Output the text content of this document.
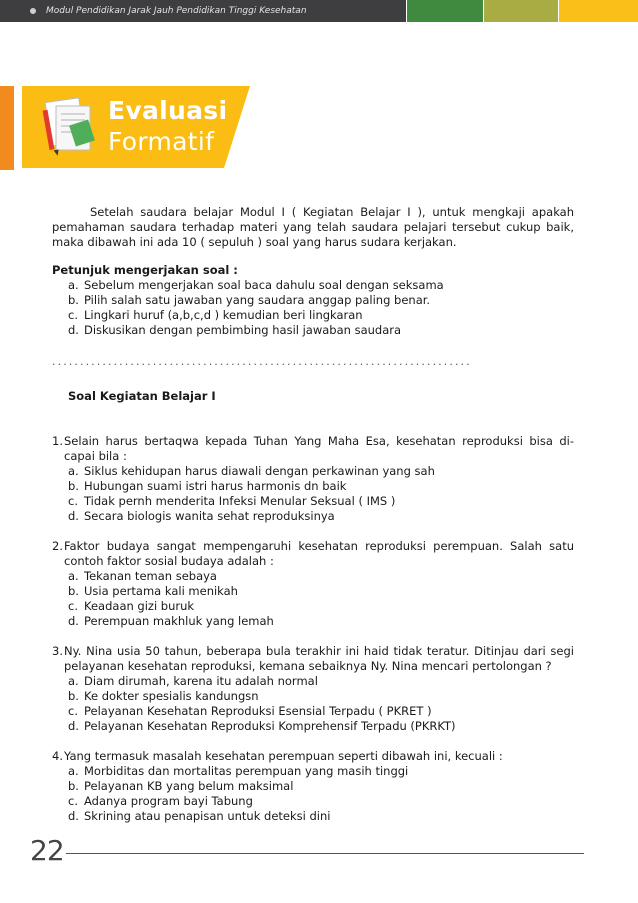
Modul Pendidikan Jarak Jauh Pendidikan Tinggi Kesehatan
Evaluasi
Formatif

Setelah saudara belajar Modul I ( Kegiatan Belajar I ), untuk mengkaji apakah pemahaman saudara terhadap materi yang telah saudara pelajari tersebut cukup baik, maka dibawah ini ada 10 ( sepuluh ) soal yang harus sudara kerjakan.

Petunjuk mengerjakan soal :
a. Sebelum mengerjakan soal baca dahulu soal dengan seksama
b. Pilih salah satu jawaban yang saudara anggap paling benar.
c. Lingkari huruf (a,b,c,d ) kemudian beri lingkaran
d. Diskusikan dengan pembimbing hasil jawaban saudara
...........................................................................
Soal Kegiatan Belajar I
1. Selain harus bertaqwa kepada Tuhan Yang Maha Esa, kesehatan reproduksi bisa di-capai bila :
a. Siklus kehidupan harus diawali dengan perkawinan yang sah
b. Hubungan suami istri harus harmonis dn baik
c. Tidak pernh menderita Infeksi Menular Seksual ( IMS )
d. Secara biologis wanita sehat reproduksinya
2. Faktor budaya sangat mempengaruhi kesehatan reproduksi perempuan. Salah satu contoh faktor sosial budaya adalah :
a. Tekanan teman sebaya
b. Usia pertama kali menikah
c. Keadaan gizi buruk
d. Perempuan makhluk yang lemah
3. Ny. Nina usia 50 tahun, beberapa bula terakhir ini haid tidak teratur. Ditinjau dari segi pelayanan kesehatan reproduksi, kemana sebaiknya Ny. Nina mencari pertolongan ?
a. Diam dirumah, karena itu adalah normal
b. Ke dokter spesialis kandungsn
c. Pelayanan Kesehatan Reproduksi Esensial Terpadu ( PKRET )
d. Pelayanan Kesehatan Reproduksi Komprehensif Terpadu (PKRKT)
4. Yang termasuk masalah kesehatan perempuan seperti dibawah ini, kecuali :
a. Morbiditas dan mortalitas perempuan yang masih tinggi
b. Pelayanan KB yang belum maksimal
c. Adanya program bayi Tabung
d. Skrining atau penapisan untuk deteksi dini
22
